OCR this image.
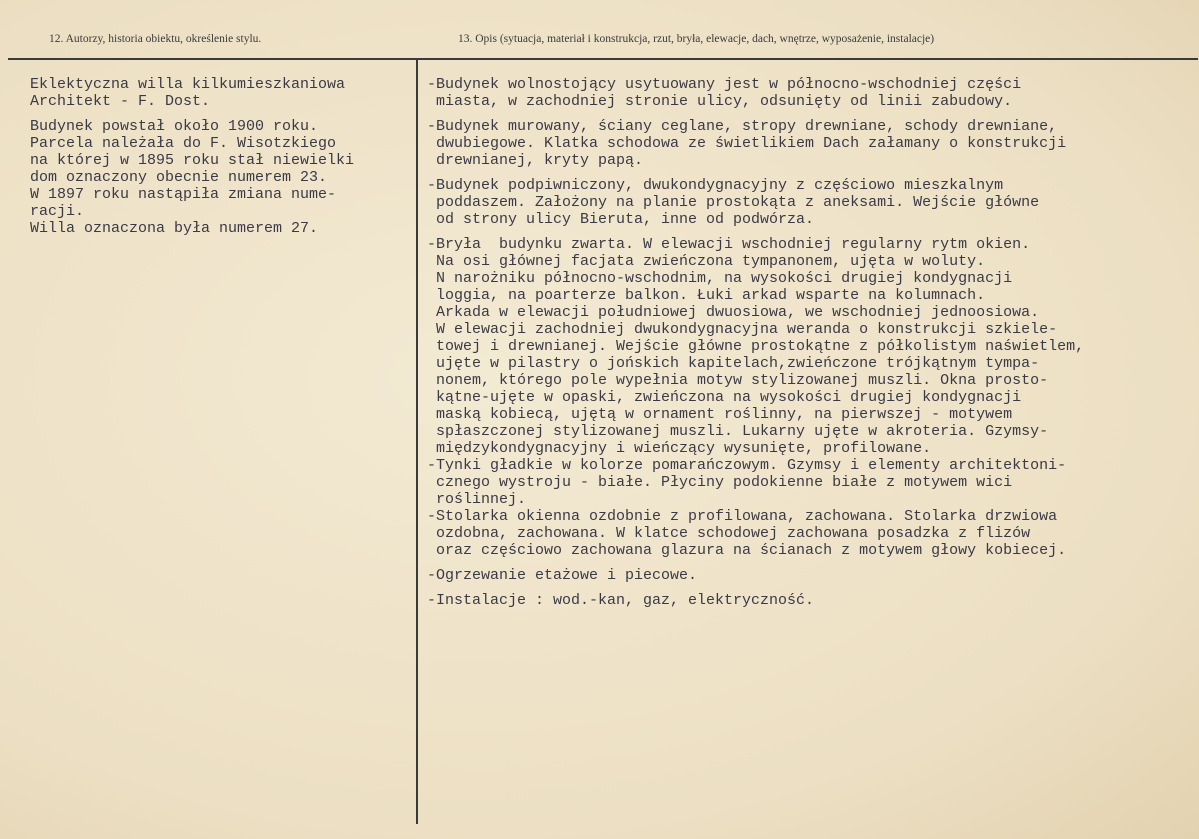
12. Autorzy, historia obiektu, określenie stylu.	13. Opis (sytuacja, materiał i konstrukcja, rzut, bryła, elewacje, dach, wnętrze, wyposażenie, instalacje)
Eklektyczna willa kilkumieszkaniowa
Architekt - F. Dost.
Budynek powstał około 1900 roku.
Parcela należała do F. Wisotzkiego
na której w 1895 roku stał niewielki
dom oznaczony obecnie numerem 23.
W 1897 roku nastąpiła zmiana nume-
racji.
Willa oznaczona była numerem 27.
-Budynek wolnostojący usytuowany jest w północno-wschodniej części
miasta, w zachodniej stronie ulicy, odsunięty od linii zabudowy.
-Budynek murowany, ściany ceglane, stropy drewniane, schody drewniane,
dwubiegowe. Klatka schodowa ze świetlikiem Dach załamany o konstrukcji
drewnianej, kryty papą.
-Budynek podpiwniczony, dwukondygnacyjny z częściowo mieszkalnym
poddaszem. Założony na planie prostokąta z aneksami. Wejście główne
od strony ulicy Bieruta, inne od podwórza.
-Bryła  budynku zwarta. W elewacji wschodniej regularny rytm okien.
Na osi głównej facjata zwieńczona tympanonem, ujęta w woluty.
N narożniku północno-wschodnim, na wysokości drugiej kondygnacji
loggia, na poarterze balkon. Łuki arkad wsparte na kolumnach.
Arkada w elewacji południowej dwuosiowa, we wschodniej jednoosiowa.
W elewacji zachodniej dwukondygnacyjna weranda o konstrukcji szkiele-
towej i drewnianej. Wejście główne prostokątne z półkolistym naświetlem,
ujęte w pilastry o jońskich kapitelach,zwieńczone trójkątnym tympa-
nonem, którego pole wypełnia motyw stylizowanej muszli. Okna prosto-
kątne-ujęte w opaski, zwieńczona na wysokości drugiej kondygnacji
maską kobiecą, ujętą w ornament roślinny, na pierwszej - motywem
spłaszczonej stylizowanej muszli. Lukarny ujęte w akroteria. Gzymsy-
międzykondygnacyjny i wieńczący wysunięte, profilowane.
-Tynki gładkie w kolorze pomarańczowym. Gzymsy i elementy architektoni-
cznego wystroju - białe. Płyciny podokienne białe z motywem wici
roślinnej.
-Stolarka okienna ozdobnie z profilowana, zachowana. Stolarka drzwiowa
ozdobna, zachowana. W klatce schodowej zachowana posadzka z flizów
oraz częściowo zachowana glazura na ścianach z motywem głowy kobiecej.
-Ogrzewanie etażowe i piecowe.
-Instalacje : wod.-kan, gaz, elektryczność.
